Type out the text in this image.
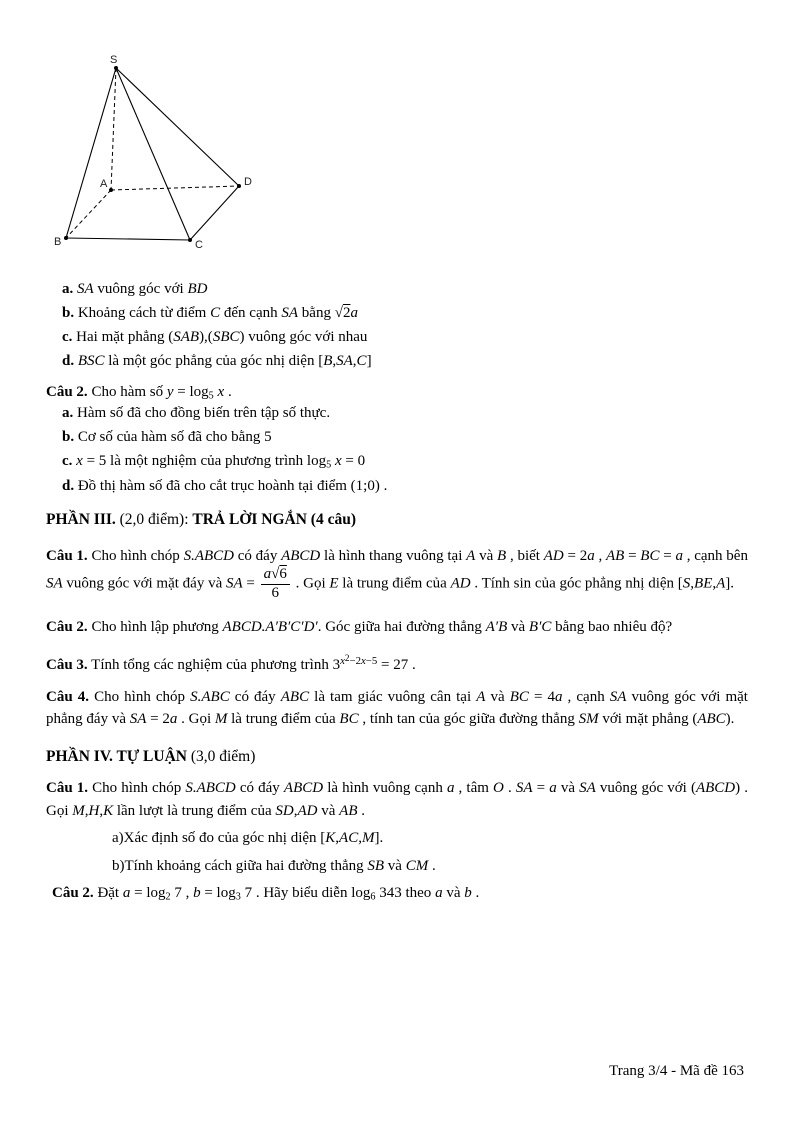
S
A
B	C
D
a. SA vuông góc với BD
b. Khoảng cách từ điểm C đến cạnh SA bằng √2a
c. Hai mặt phẳng (SAB),(SBC) vuông góc với nhau
d. BSC là một góc phẳng của góc nhị diện [B,SA,C]
Câu 2. Cho hàm số $y = \log_5 x$ .
a. Hàm số đã cho đồng biến trên tập số thực.
b. Cơ số của hàm số đã cho bằng 5
c. x = 5 là một nghiệm của phương trình $\log_5 x = 0$
d. Đồ thị hàm số đã cho cắt trục hoành tại điểm (1;0) .
PHẦN III. (2,0 điểm): TRẢ LỜI NGẮN (4 câu)
Câu 1. Cho hình chóp S.ABCD có đáy ABCD là hình thang vuông tại A và B , biết AD = 2a , AB = BC = a , cạnh bên SA vuông góc với mặt đáy và SA = $\frac{a√6}{6}$ . Gọi E là trung điểm của AD . Tính sin của góc phẳng nhị diện [S,BE,A].
Câu 2. Cho hình lập phương ABCD.A′B′C′D′. Góc giữa hai đường thẳng A′B và B′C bằng bao nhiêu độ?
Câu 3. Tính tổng các nghiệm của phương trình $3^{x^2-2x-5} = 27$ .
Câu 4. Cho hình chóp S.ABC có đáy ABC là tam giác vuông cân tại A và BC = 4a , cạnh SA vuông góc với mặt phẳng đáy và SA = 2a . Gọi M là trung điểm của BC , tính tan của góc giữa đường thẳng SM với mặt phẳng (ABC).
PHẦN IV. TỰ LUẬN (3,0 điểm)
Câu 1. Cho hình chóp S.ABCD có đáy ABCD là hình vuông cạnh a , tâm O . SA = a và SA vuông góc với (ABCD) . Gọi M,H,K lần lượt là trung điểm của SD,AD và AB .
a)Xác định số đo của góc nhị diện [K,AC,M].
b)Tính khoảng cách giữa hai đường thẳng SB và CM .
Câu 2. Đặt $a = \log_2 7$ , $b = \log_3 7$ . Hãy biểu diễn $\log_6 343$ theo a và b .
Trang 3/4 - Mã đề 163
